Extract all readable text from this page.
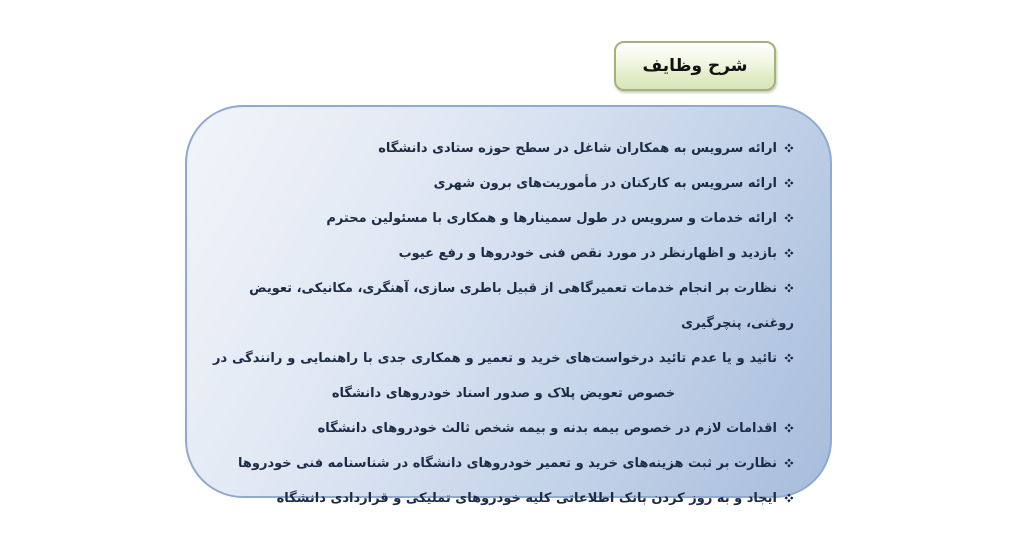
شرح وظایف
ارائه سرویس به همکاران شاغل در سطح حوزه ستادی دانشگاه
ارائه سرویس به کارکنان در مأموریت‌های برون شهری
ارائه خدمات و سرویس در طول سمینارها و همکاری با مسئولین محترم
بازدید و اظهارنظر در مورد نقص فنی خودروها و رفع عیوب
نظارت بر انجام خدمات تعمیرگاهی از قبیل باطری سازی، آهنگری، مکانیکی، تعویض روغنی، پنچرگیری
تائید و یا عدم تائید درخواست‌های خرید و تعمیر و همکاری جدی با راهنمایی و رانندگی در خصوص تعویض پلاک و صدور اسناد خودروهای دانشگاه
اقدامات لازم در خصوص بیمه بدنه و بیمه شخص ثالث خودروهای دانشگاه
نظارت بر ثبت هزینه‌های خرید و تعمیر خودروهای دانشگاه در شناسنامه فنی خودروها
ایجاد و به روز کردن بانک اطلاعاتی کلیه خودروهای تملیکی و قراردادی دانشگاه
